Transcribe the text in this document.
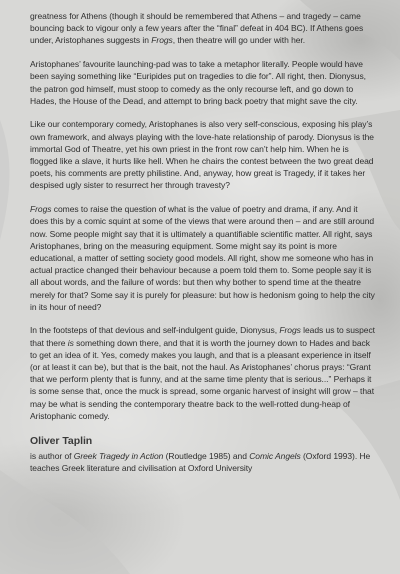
greatness for Athens (though it should be remembered that Athens – and tragedy – came bouncing back to vigour only a few years after the “final” defeat in 404 BC). If Athens goes under, Aristophanes suggests in Frogs, then theatre will go under with her.

Aristophanes’ favourite launching-pad was to take a metaphor literally. People would have been saying something like “Euripides put on tragedies to die for”. All right, then. Dionysus, the patron god himself, must stoop to comedy as the only recourse left, and go down to Hades, the House of the Dead, and attempt to bring back poetry that might save the city.

Like our contemporary comedy, Aristophanes is also very self-conscious, exposing his play’s own framework, and always playing with the love-hate relationship of parody. Dionysus is the immortal God of Theatre, yet his own priest in the front row can’t help him. When he is flogged like a slave, it hurts like hell. When he chairs the contest between the two great dead poets, his comments are pretty philistine. And, anyway, how great is Tragedy, if it takes her despised ugly sister to resurrect her through travesty?

Frogs comes to raise the question of what is the value of poetry and drama, if any. And it does this by a comic squint at some of the views that were around then – and are still around now. Some people might say that it is ultimately a quantifiable scientific matter. All right, says Aristophanes, bring on the measuring equipment. Some might say its point is more educational, a matter of setting society good models. All right, show me someone who has in actual practice changed their behaviour because a poem told them to. Some people say it is all about words, and the failure of words: but then why bother to spend time at the theatre merely for that? Some say it is purely for pleasure: but how is hedonism going to help the city in its hour of need?

In the footsteps of that devious and self-indulgent guide, Dionysus, Frogs leads us to suspect that there is something down there, and that it is worth the journey down to Hades and back to get an idea of it. Yes, comedy makes you laugh, and that is a pleasant experience in itself (or at least it can be), but that is the bait, not the haul. As Aristophanes’ chorus prays: “Grant that we perform plenty that is funny, and at the same time plenty that is serious...” Perhaps it is some sense that, once the muck is spread, some organic harvest of insight will grow – that may be what is sending the contemporary theatre back to the well-rotted dung-heap of Aristophanic comedy.

Oliver Taplin
is author of Greek Tragedy in Action (Routledge 1985) and Comic Angels (Oxford 1993). He teaches Greek literature and civilisation at Oxford University
